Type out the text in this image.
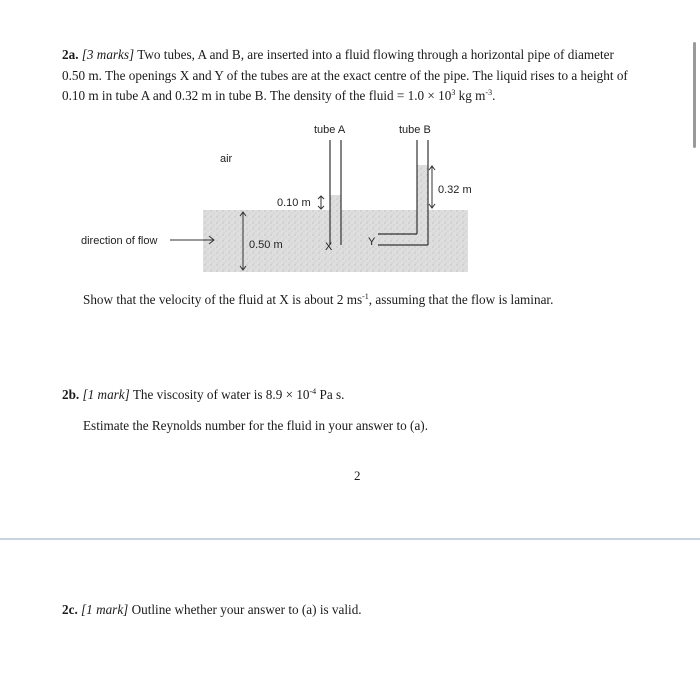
2a. [3 marks] Two tubes, A and B, are inserted into a fluid flowing through a horizontal pipe of diameter
0.50 m. The openings X and Y of the tubes are at the exact centre of the pipe. The liquid rises to a height of
0.10 m in tube A and 0.32 m in tube B. The density of the fluid = $1.0 \times 10^3$ kg $m^{-3}$.

tube A	tube B
air
0.10 m
0.32 m
0.50 m
direction of flow	X	Y

Show that the velocity of the fluid at X is about 2 $ms^{-1}$, assuming that the flow is laminar.

2b. [1 mark] The viscosity of water is $8.9 \times 10^{-4}$ Pa s.

Estimate the Reynolds number for the fluid in your answer to (a).

2

2c. [1 mark] Outline whether your answer to (a) is valid.
